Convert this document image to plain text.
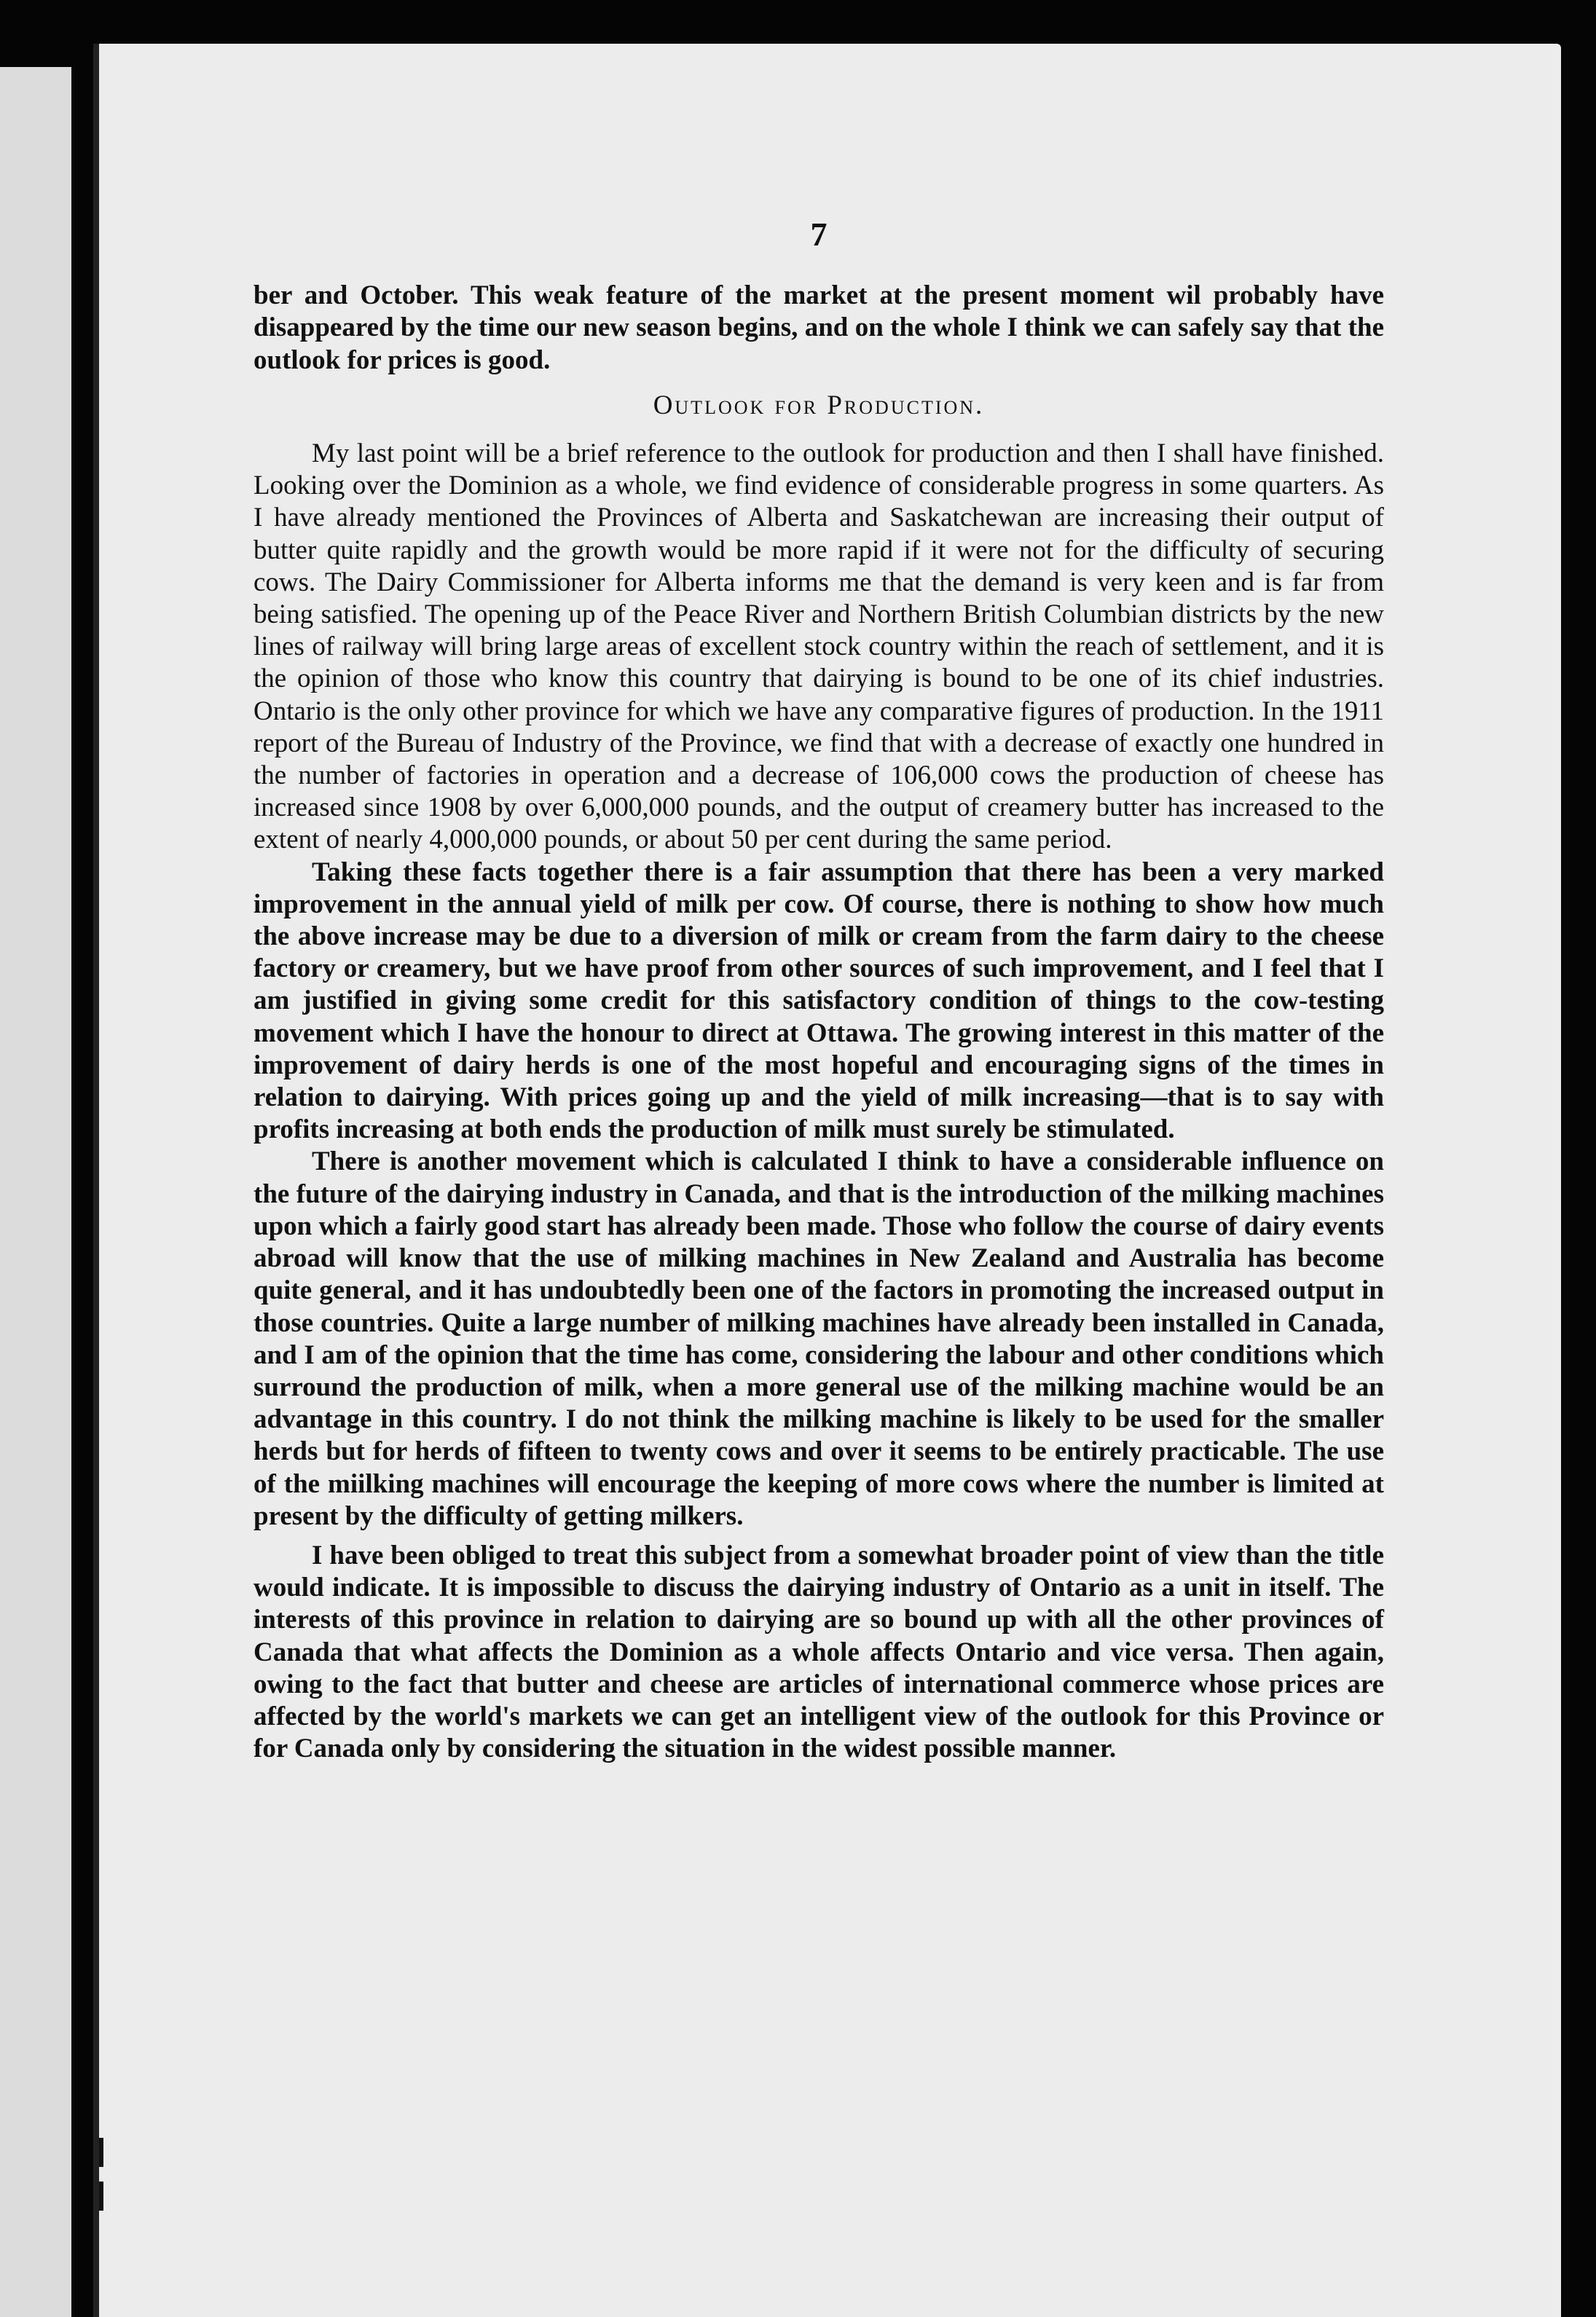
7

ber and October. This weak feature of the market at the present moment wil probably have disappeared by the time our new season begins, and on the whole I think we can safely say that the outlook for prices is good.

Outlook for Production.

My last point will be a brief reference to the outlook for production and then I shall have finished. Looking over the Dominion as a whole, we find evidence of considerable progress in some quarters. As I have already mentioned the Provinces of Alberta and Saskatchewan are increasing their output of butter quite rapidly and the growth would be more rapid if it were not for the difficulty of securing cows. The Dairy Commissioner for Alberta informs me that the demand is very keen and is far from being satisfied. The opening up of the Peace River and Northern British Columbian districts by the new lines of railway will bring large areas of excellent stock country within the reach of settlement, and it is the opinion of those who know this country that dairying is bound to be one of its chief industries. Ontario is the only other province for which we have any comparative figures of production. In the 1911 report of the Bureau of Industry of the Province, we find that with a decrease of exactly one hundred in the number of factories in operation and a decrease of 106,000 cows the production of cheese has increased since 1908 by over 6,000,000 pounds, and the output of creamery butter has increased to the extent of nearly 4,000,000 pounds, or about 50 per cent during the same period.

Taking these facts together there is a fair assumption that there has been a very marked improvement in the annual yield of milk per cow. Of course, there is nothing to show how much the above increase may be due to a diversion of milk or cream from the farm dairy to the cheese factory or creamery, but we have proof from other sources of such improvement, and I feel that I am justified in giving some credit for this satisfactory condition of things to the cow-testing movement which I have the honour to direct at Ottawa. The growing interest in this matter of the improvement of dairy herds is one of the most hopeful and encouraging signs of the times in relation to dairying. With prices going up and the yield of milk increasing—that is to say with profits increasing at both ends the production of milk must surely be stimulated.

There is another movement which is calculated I think to have a considerable influence on the future of the dairying industry in Canada, and that is the introduction of the milking machines upon which a fairly good start has already been made. Those who follow the course of dairy events abroad will know that the use of milking machines in New Zealand and Australia has become quite general, and it has undoubtedly been one of the factors in promoting the increased output in those countries. Quite a large number of milking machines have already been installed in Canada, and I am of the opinion that the time has come, considering the labour and other conditions which surround the production of milk, when a more general use of the milking machine would be an advantage in this country. I do not think the milking machine is likely to be used for the smaller herds but for herds of fifteen to twenty cows and over it seems to be entirely practicable. The use of the miilking machines will encourage the keeping of more cows where the number is limited at present by the difficulty of getting milkers.

I have been obliged to treat this subject from a somewhat broader point of view than the title would indicate. It is impossible to discuss the dairying industry of Ontario as a unit in itself. The interests of this province in relation to dairying are so bound up with all the other provinces of Canada that what affects the Dominion as a whole affects Ontario and vice versa. Then again, owing to the fact that butter and cheese are articles of international commerce whose prices are affected by the world's markets we can get an intelligent view of the outlook for this Province or for Canada only by considering the situation in the widest possible manner.
